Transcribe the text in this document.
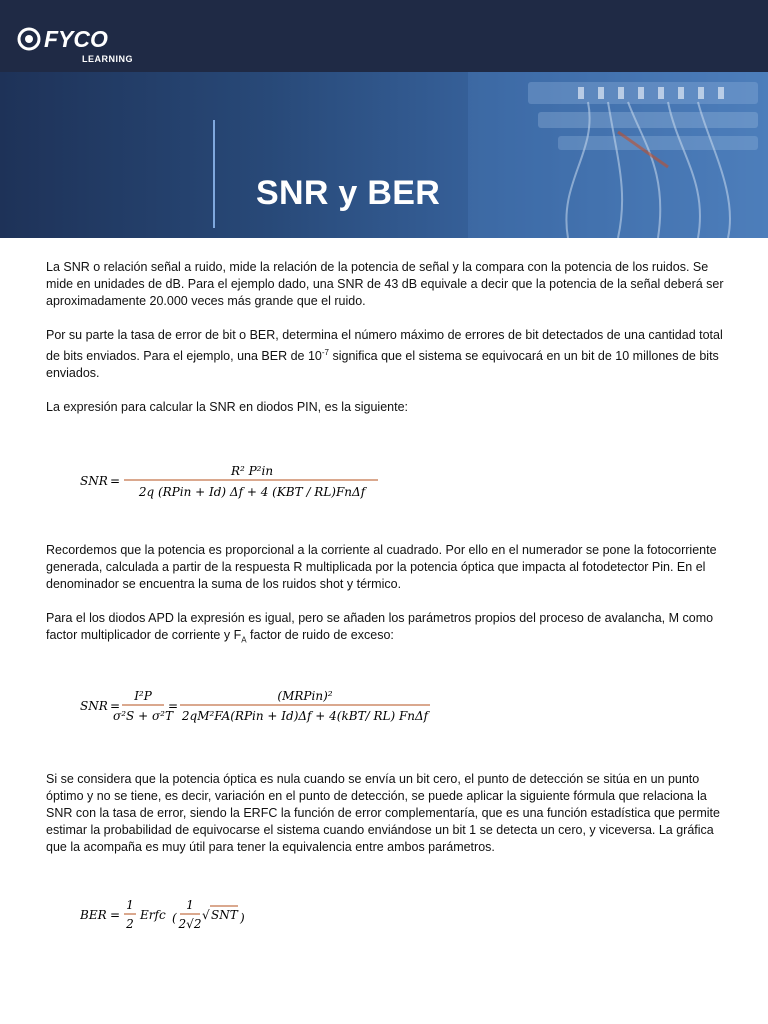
FYCO
LEARNING
SNR y BER

La SNR o relación señal a ruido, mide la relación de la potencia de señal y la compara con la potencia de los ruidos. Se mide en unidades de dB. Para el ejemplo dado, una SNR de 43 dB equivale a decir que la potencia de la señal deberá ser aproximadamente 20.000 veces más grande que el ruido.

Por su parte la tasa de error de bit o BER, determina el número máximo de errores de bit detectados de una cantidad total de bits enviados. Para el ejemplo, una BER de $10^{-7}$ significa que el sistema se equivocará en un bit de 10 millones de bits enviados.

La expresión para calcular la SNR en diodos PIN, es la siguiente:

SNR =
R² P²in
2q (RPin + Id) Δf + 4 (KBT / RL)FnΔf

Recordemos que la potencia es proporcional a la corriente al cuadrado. Por ello en el numerador se pone la fotocorriente generada, calculada a partir de la respuesta R multiplicada por la potencia óptica que impacta al fotodetector Pin. En el denominador se encuentra la suma de los ruidos shot y térmico.

Para el los diodos APD la expresión es igual, pero se añaden los parámetros propios del proceso de avalancha, M como factor multiplicador de corriente y $F_A$ factor de ruido de exceso:

SNR =
I²P
σ²S + σ²T
=
(MRPin)²
2qM²FA(RPin + Id)Δf + 4(kBT/ RL) FnΔf

Si se considera que la potencia óptica es nula cuando se envía un bit cero, el punto de detección se sitúa en un punto óptimo y no se tiene, es decir, variación en el punto de detección, se puede aplicar la siguiente fórmula que relaciona la SNR con la tasa de error, siendo la ERFC la función de error complementaría, que es una función estadística que permite estimar la probabilidad de equivocarse el sistema cuando enviándose un bit 1 se detecta un cero, y viceversa. La gráfica que la acompaña es muy útil para tener la equivalencia entre ambos parámetros.

BER =
1
2
Erfc (
1
2√2
√ SNT )
